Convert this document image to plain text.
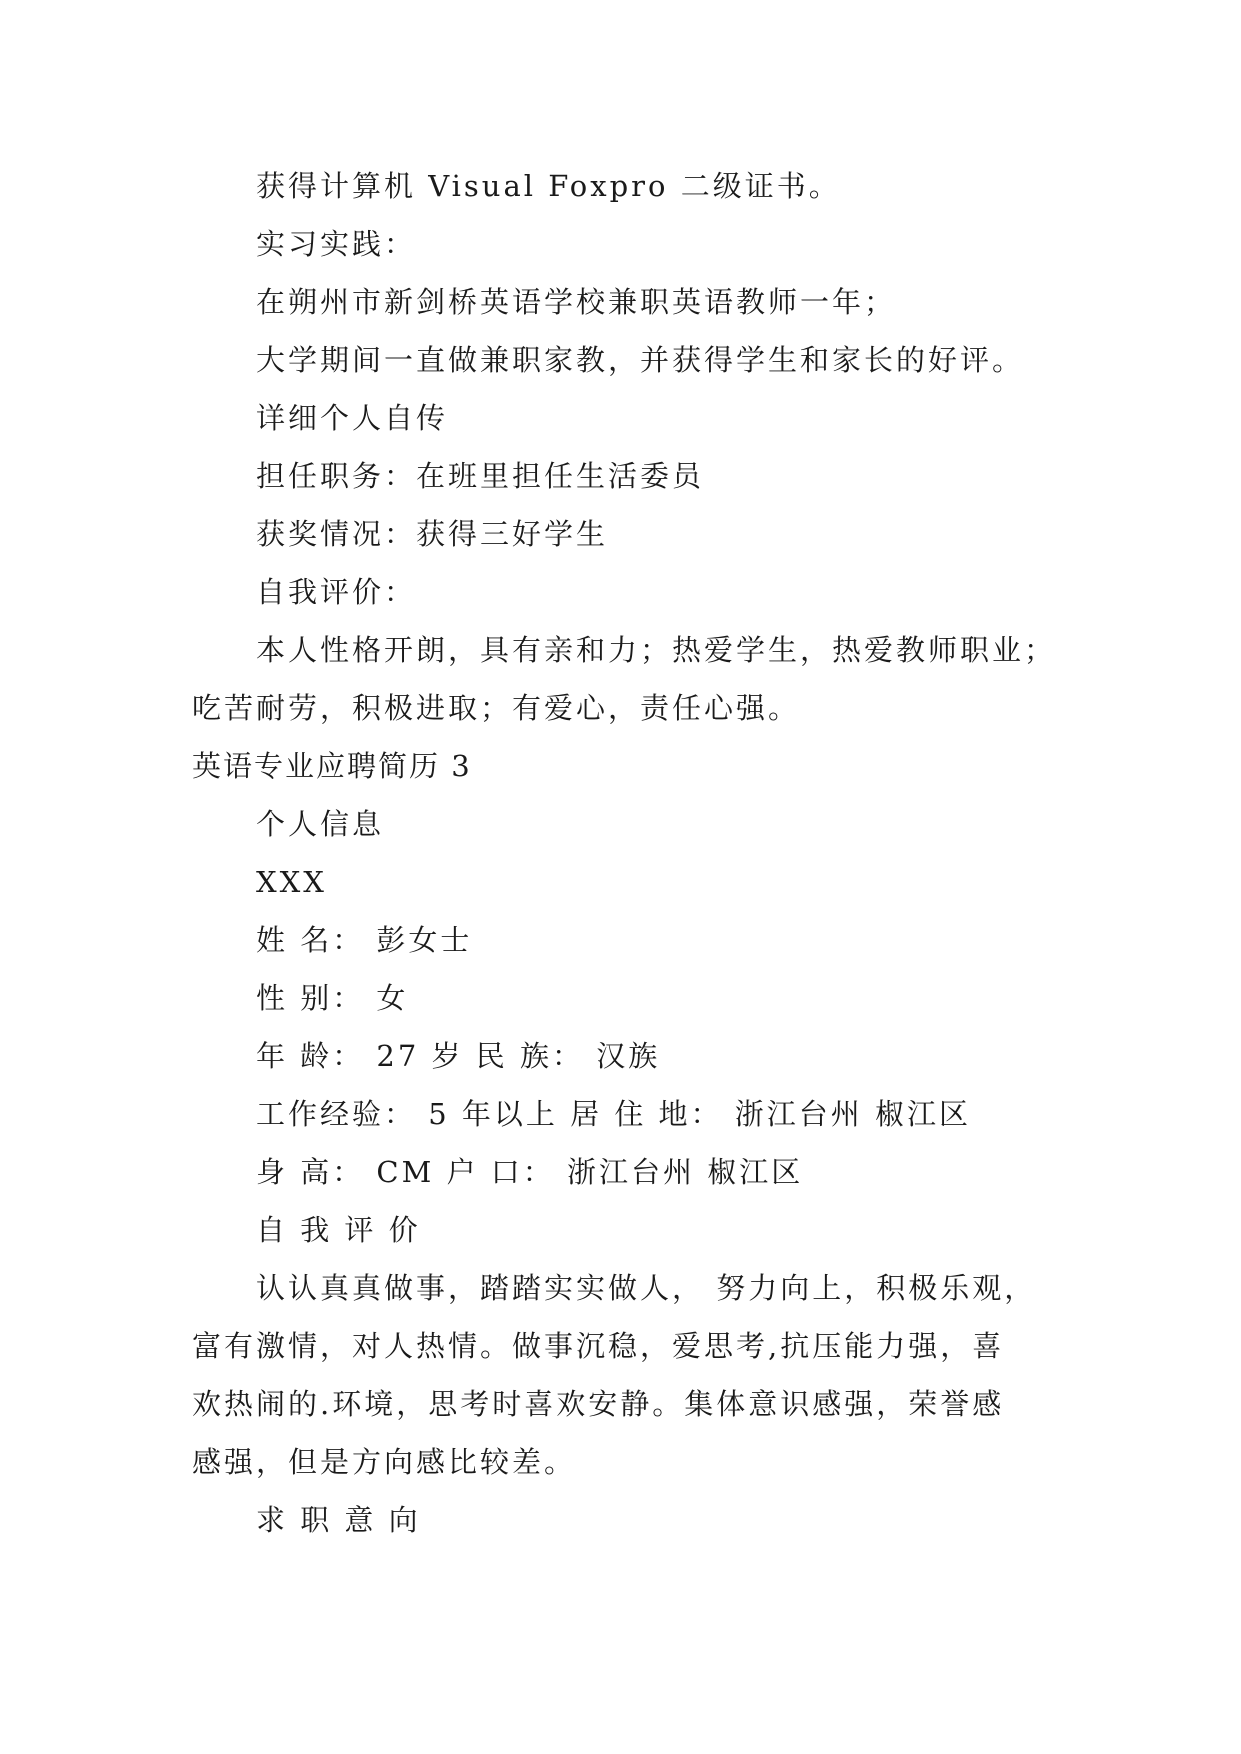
获得计算机 Visual Foxpro 二级证书。
实习实践：
在朔州市新剑桥英语学校兼职英语教师一年；
大学期间一直做兼职家教，并获得学生和家长的好评。
详细个人自传
担任职务：在班里担任生活委员
获奖情况：获得三好学生
自我评价：
本人性格开朗，具有亲和力；热爱学生，热爱教师职业；
吃苦耐劳，积极进取；有爱心，责任心强。
英语专业应聘简历 3
个人信息
XXX
姓 名： 彭女士
性 别： 女
年 龄： 27 岁 民 族： 汉族
工作经验： 5 年以上 居 住 地： 浙江台州 椒江区
身 高： CM 户 口： 浙江台州 椒江区
自 我 评 价
认认真真做事，踏踏实实做人， 努力向上，积极乐观，
富有激情，对人热情。做事沉稳，爱思考,抗压能力强，喜
欢热闹的.环境，思考时喜欢安静。集体意识感强，荣誉感
感强，但是方向感比较差。
求 职 意 向
